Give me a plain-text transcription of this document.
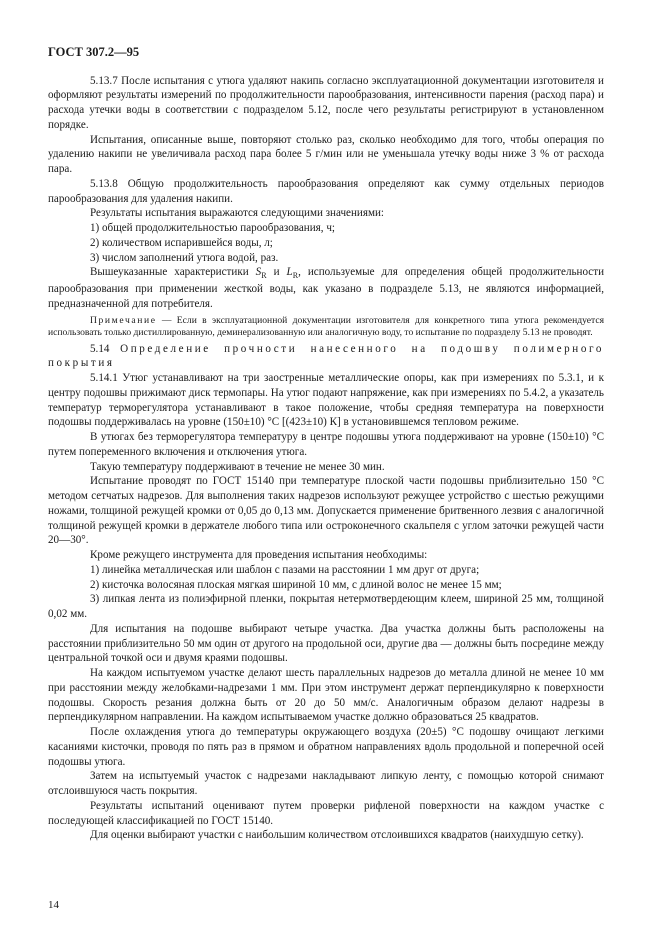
ГОСТ 307.2—95

5.13.7 После испытания с утюга удаляют накипь согласно эксплуатационной документации изготовителя и оформляют результаты измерений по продолжительности парообразования, интенсивности парения (расход пара) и расхода утечки воды в соответствии с подразделом 5.12, после чего результаты регистрируют в установленном порядке.

Испытания, описанные выше, повторяют столько раз, сколько необходимо для того, чтобы операция по удалению накипи не увеличивала расход пара более 5 г/мин или не уменьшала утечку воды ниже 3 % от расхода пара.

5.13.8 Общую продолжительность парообразования определяют как сумму отдельных периодов парообразования для удаления накипи.

Результаты испытания выражаются следующими значениями:

1) общей продолжительностью парообразования, ч;

2) количеством испарившейся воды, л;

3) числом заполнений утюга водой, раз.

Вышеуказанные характеристики $S_R$ и $L_R$, используемые для определения общей продолжительности парообразования при применении жесткой воды, как указано в подразделе 5.13, не являются информацией, предназначенной для потребителя.

Примечание — Если в эксплуатационной документации изготовителя для конкретного типа утюга рекомендуется использовать только дистиллированную, деминерализованную или аналогичную воду, то испытание по подразделу 5.13 не проводят.

5.14 Определение прочности нанесенного на подошву полимерного покрытия

5.14.1 Утюг устанавливают на три заостренные металлические опоры, как при измерениях по 5.3.1, и к центру подошвы прижимают диск термопары. На утюг подают напряжение, как при измерениях по 5.4.2, а указатель температур терморегулятора устанавливают в такое положение, чтобы средняя температура на поверхности подошвы поддерживалась на уровне (150±10) °С [(423±10) К] в установившемся тепловом режиме.

В утюгах без терморегулятора температуру в центре подошвы утюга поддерживают на уровне (150±10) °С путем попеременного включения и отключения утюга.

Такую температуру поддерживают в течение не менее 30 мин.

Испытание проводят по ГОСТ 15140 при температуре плоской части подошвы приблизительно 150 °С методом сетчатых надрезов. Для выполнения таких надрезов используют режущее устройство с шестью режущими ножами, толщиной режущей кромки от 0,05 до 0,13 мм. Допускается применение бритвенного лезвия с аналогичной толщиной режущей кромки в держателе любого типа или остроконечного скальпеля с углом заточки режущей части 20—30°.

Кроме режущего инструмента для проведения испытания необходимы:

1) линейка металлическая или шаблон с пазами на расстоянии 1 мм друг от друга;

2) кисточка волосяная плоская мягкая шириной 10 мм, с длиной волос не менее 15 мм;

3) липкая лента из полиэфирной пленки, покрытая нетермотвердеющим клеем, шириной 25 мм, толщиной 0,02 мм.

Для испытания на подошве выбирают четыре участка. Два участка должны быть расположены на расстоянии приблизительно 50 мм один от другого на продольной оси, другие два — должны быть посредине между центральной точкой оси и двумя краями подошвы.

На каждом испытуемом участке делают шесть параллельных надрезов до металла длиной не менее 10 мм при расстоянии между желобками-надрезами 1 мм. При этом инструмент держат перпендикулярно к поверхности подошвы. Скорость резания должна быть от 20 до 50 мм/с. Аналогичным образом делают надрезы в перпендикулярном направлении. На каждом испытываемом участке должно образоваться 25 квадратов.

После охлаждения утюга до температуры окружающего воздуха (20±5) °С подошву очищают легкими касаниями кисточки, проводя по пять раз в прямом и обратном направлениях вдоль продольной и поперечной осей подошвы утюга.

Затем на испытуемый участок с надрезами накладывают липкую ленту, с помощью которой снимают отслоившуюся часть покрытия.

Результаты испытаний оценивают путем проверки рифленой поверхности на каждом участке с последующей классификацией по ГОСТ 15140.

Для оценки выбирают участки с наибольшим количеством отслоившихся квадратов (наихудшую сетку).

14
